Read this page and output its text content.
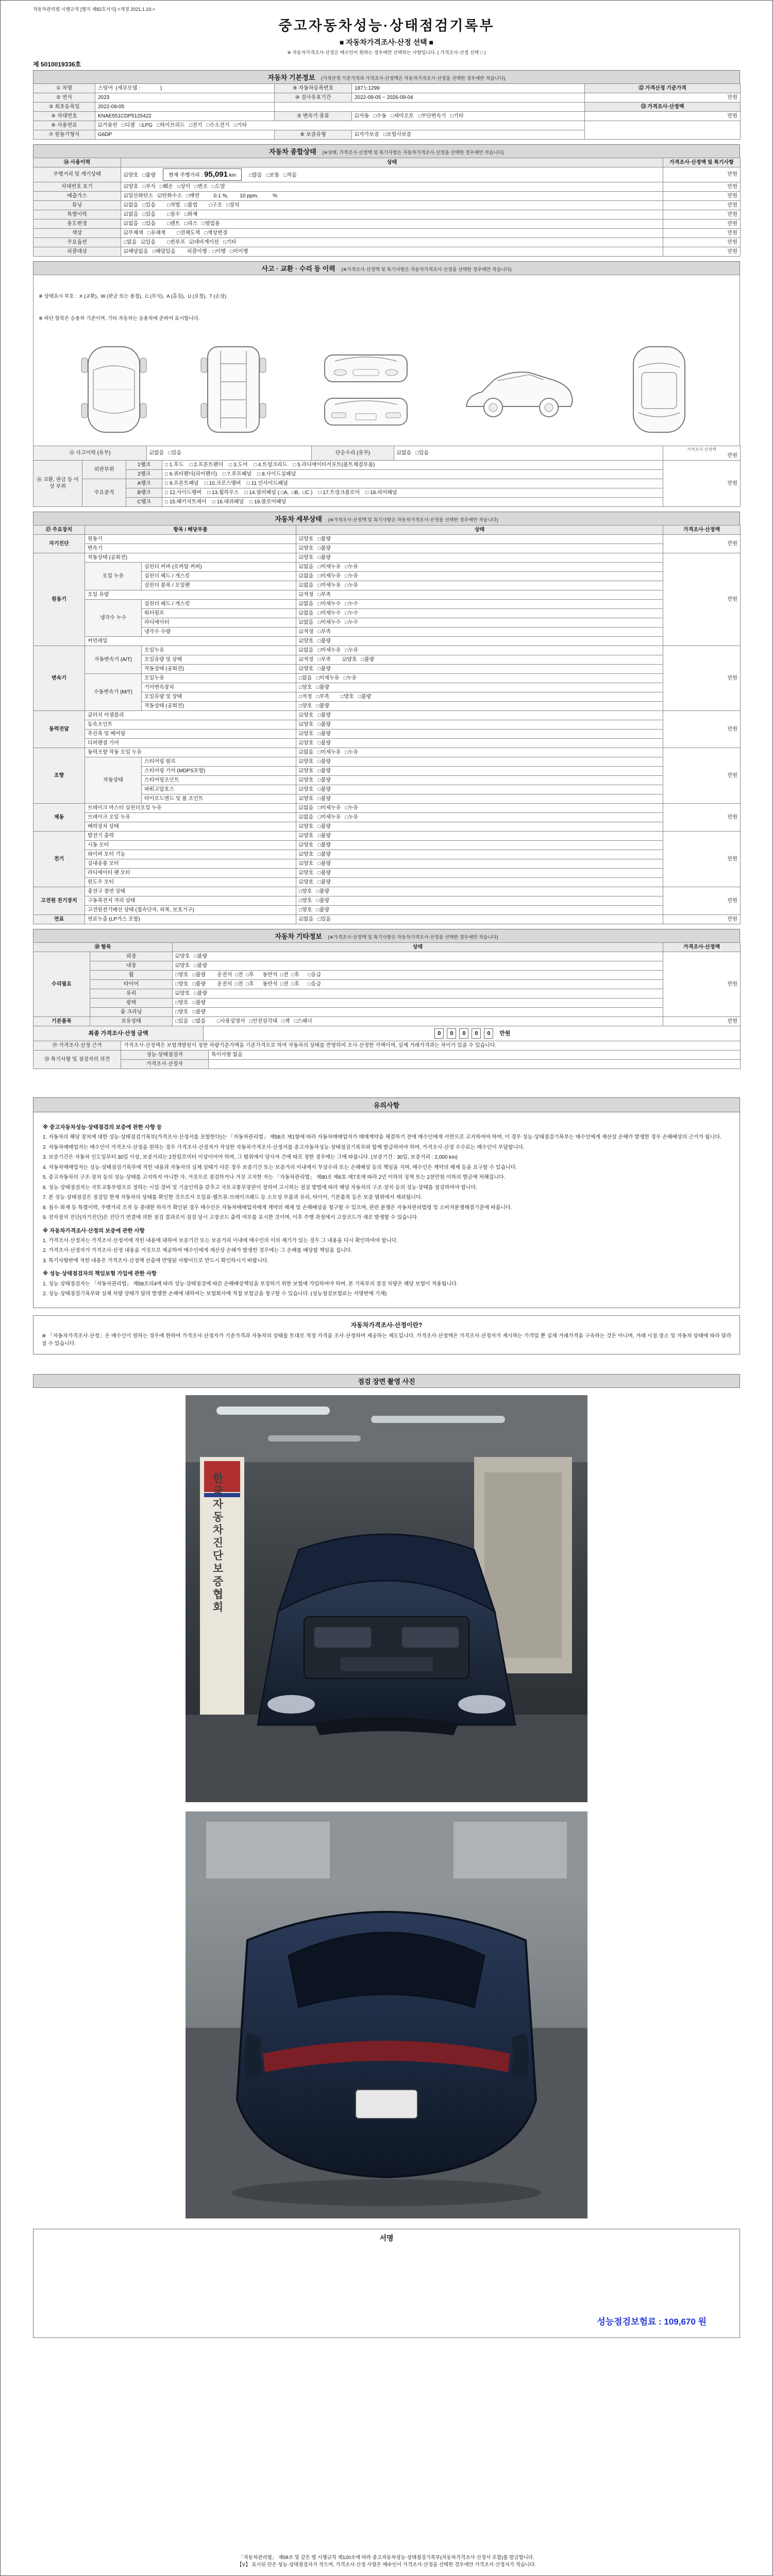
자동차관리법 시행규칙 [별지 제82호서식] <개정 2021.1.19.>
중고자동차성능·상태점검기록부
■ 자동차가격조사·산정 선택 ■
※ 자동차가격조사·산정은 매수인이 원하는 경우에만 선택하는 사항입니다. ( 가격조사·산정 선택 □ )
제 5010019336호
자동차 기본정보 (가격산정 기준가격과 가격조사·산정액은 자동차가격조사·산정을 선택한 경우에만 적습니다)
① 차명	스팅어  (세부모델 :              )	⑨ 자동차등록번호	187노1299	⑫ 가격산정 기준가격
② 연식	2023	⑩ 검사유효기간	2022-09-05 ~ 2026-09-04	만원
③ 최초등록일	2022-09-05			⑬ 가격조사·산정액
④ 차대번호	KNAE551CDP5125422	⑤ 변속기 종류	☑자동   □수동   □세미오토   □무단변속기   □기타	만원
⑥ 사용연료	☑가솔린   □디젤   □LPG   □하이브리드   □전기   □수소전기   □기타			
⑦ 원동기형식	G6DP	⑧ 보증유형	☑자가보증   □보험사보증	
자동차 종합상태 (※상태, 가격조사·산정액 및 특기사항은 자동차가격조사·산정을 선택한 경우에만 적습니다)
⑭ 사용이력	상태	가격조사·산정액 및 특기사항
주행거리 및 계기상태	☑양호   □불량 현재 주행거리 : 95,091 km □많음   □보통   □적음	만원
차대번호 표기	☑양호   □부식   □훼손   □상이   □변조   □도말	만원
배출가스	☑일산화탄소   ☑탄화수소   □매연          0.1 %,        10 ppm,          %	만원
튜닝	☑없음   □있음        □적법   □불법        □구조   □장치	만원
특별이력	☑없음   □있음        □침수   □화재	만원
용도변경	☑없음   □있음        □렌트   □리스   □영업용	만원
색상	☑무채색   □유채색        □전체도색   □색상변경	만원
주요옵션	□없음   ☑있음        □썬루프   ☑네비게이션   □기타	만원
리콜대상	☑해당없음   □해당있음        리콜이행 :  □이행   □미이행	만원
사고 · 교환 · 수리 등 이력 (※가격조사·산정액 및 특기사항은 자동차가격조사·산정을 선택한 경우에만 적습니다)

※ 상태표시 부호 :  X (교환),  W (판금 또는 용접),  C (부식),  A (흠집),  U (요철),  T (손상)

※ 하단 항목은 승용차 기준이며, 기타 자동차는 승용차에 준하여 표시합니다.

⑮ 사고이력 (유무)	☑없음   □있음	단순수리 (유무)	☑없음   □있음	
가격조사·산정액
만원
⑯ 교환, 판금 등 이상 부위	외판부위	1랭크	□ 1.후드    □ 2.프론트펜더    □ 3.도어    □ 4.트렁크리드    □ 5.라디에이터서포트(볼트체결부품)	만원
		2랭크	□ 6.쿼터펜더(리어펜더)    □ 7.루프패널    □ 8.사이드실패널	
	주요골격	A랭크	□ 9.프론트패널    □ 10.크로스멤버    □ 11.인사이드패널	
		B랭크	□ 12.사이드멤버    □ 13.휠하우스    □ 14.필러패널 ( □A,  □B,  □C )    □ 17.트렁크플로어    □ 18.리어패널	
		C랭크	□ 15.패키지트레이    □ 16.대쉬패널    □ 19.플로어패널	
자동차 세부상태 (※가격조사·산정액 및 특기사항은 자동차가격조사·산정을 선택한 경우에만 적습니다)
⑰ 주요장치	항목 / 해당부품		상태	가격조사·산정액
자기진단	원동기		☑양호   □불량	만원
	변속기		☑양호   □불량	
원동기	작동상태 (공회전)		☑양호   □불량	만원
	오일 누유	실린더 커버 (로커암 커버)	☑없음   □미세누유   □누유	
		실린더 헤드 / 개스킷	☑없음   □미세누유   □누유	
		실린더 블록 / 오일팬	☑없음   □미세누유   □누유	
	오일 유량		☑적정   □부족	
	냉각수 누수	실린더 헤드 / 개스킷	☑없음   □미세누수   □누수	
		워터펌프	☑없음   □미세누수   □누수	
		라디에이터	☑없음   □미세누수   □누수	
		냉각수 수량	☑적정   □부족	
	커먼레일		☑양호   □불량	
변속기	자동변속기 (A/T)	오일누유	☑없음   □미세누유   □누유	만원
		오일유량 및 상태	☑적정   □부족        ☑양호   □불량	
		작동상태 (공회전)	☑양호   □불량	
	수동변속기 (M/T)	오일누유	□없음   □미세누유   □누유	
		기어변속장치	□양호   □불량	
		오일유량 및 상태	□적정   □부족        □양호   □불량	
		작동상태 (공회전)	□양호   □불량	
동력전달	클러치 어셈블리		☑양호   □불량	만원
	등속조인트		☑양호   □불량	
	추진축 및 베어링		☑양호   □불량	
	디퍼렌셜 기어		☑양호   □불량	
조향	동력조향 작동 오일 누유		☑없음   □미세누유   □누유	만원
	작동상태	스티어링 펌프	☑양호   □불량	
		스티어링 기어 (MDPS포함)	☑양호   □불량	
		스티어링조인트	☑양호   □불량	
		파워고압호스	☑양호   □불량	
		타이로드엔드 및 볼 조인트	☑양호   □불량	
제동	브레이크 마스터 실린더오일 누유		☑없음   □미세누유   □누유	만원
	브레이크 오일 누유		☑없음   □미세누유   □누유	
	배력장치 상태		☑양호   □불량	
전기	발전기 출력		☑양호   □불량	만원
	시동 모터		☑양호   □불량	
	와이퍼 모터 기능		☑양호   □불량	
	실내송풍 모터		☑양호   □불량	
	라디에이터 팬 모터		☑양호   □불량	
	윈도우 모터		☑양호   □불량	
고전원 전기장치	충전구 절연 상태		□양호   □불량	만원
	구동축전지 격리 상태		□양호   □불량	
	고전원전기배선 상태 (접속단자, 피복, 보호기구)		□양호   □불량	
연료	연료누출 (LP가스 포함)		☑없음   □있음	만원
자동차 기타정보 (※가격조사·산정액 및 특기사항은 자동차가격조사·산정을 선택한 경우에만 적습니다)
⑱ 항목		상태	가격조사·산정액
수리필요	외장	☑양호   □불량	만원
	내장	☑양호   □불량	
	휠	□양호   □불량        운전석  □전  □후      동반석  □전  □후      □응급	
	타이어	□양호   □불량        운전석  □전  □후      동반석  □전  □후      □응급	
	유리	☑양호   □불량	
	광택	□양호   □불량	
	룸 크리닝	□양호   □불량	
기본품목	보유상태	□있음   □없음        □사용설명서   □안전삼각대   □잭   □스패너	만원
최종 가격조사·산정 금액	0 0 0 0 0 만원
⑲ 가격조사·산정 근거	가격조사·산정액은 보험개발원이 정한 차량기준가액을 기준가격으로 하여 자동차의 상태를 반영하여 조사·산정한 가액이며, 실제 거래가격과는 차이가 있을 수 있습니다.
⑳ 특기사항 및 점검자의 의견	성능·상태점검자	특이사항 없음
	가격조사·산정자	
유의사항
※ 중고자동차성능·상태점검의 보증에 관한 사항 등
1. 자동차의 해당 장치에 대한 성능·상태점검기록부(가격조사·산정서를 포함한다)는 「자동차관리법」 제58조 제1항에 따라 자동차매매업자가 매매계약을 체결하기 전에 매수인에게 서면으로 고지하여야 하며, 이 경우 성능·상태점검기록부는 매수인에게 재산상 손해가 발생한 경우 손해배상의 근거가 됩니다.
2. 자동차매매업자는 매수인이 가격조사·산정을 원하는 경우 가격조사·산정자가 작성한 자동차가격조사·산정서를 중고자동차성능·상태점검기록부와 함께 발급하여야 하며, 가격조사·산정 수수료는 매수인이 부담합니다.
3. 보증기간은 자동차 인도일부터 30일 이상, 보증거리는 2천킬로미터 이상이어야 하며, 그 범위에서 당사자 간에 따로 정한 경우에는 그에 따릅니다. (보증기간 : 30일, 보증거리 : 2,000 km)
4. 자동차매매업자는 성능·상태점검기록부에 적힌 내용과 자동차의 실제 상태가 다른 경우 보증기간 또는 보증거리 이내에서 무상수리 또는 손해배상 등의 책임을 지며, 매수인은 계약의 해제 등을 요구할 수 있습니다.
5. 중고자동차의 구조·장치 등의 성능·상태를 고지하지 아니한 자, 거짓으로 점검하거나 거짓 고지한 자는 「자동차관리법」 제80조 제6호·제7호에 따라 2년 이하의 징역 또는 2천만원 이하의 벌금에 처해집니다.
6. 성능·상태점검자는 국토교통부령으로 정하는 시설·장비 및 기술인력을 갖추고 국토교통부장관이 정하여 고시하는 점검 방법에 따라 해당 자동차의 구조·장치 등의 성능·상태를 점검하여야 합니다.
7. 본 성능·상태점검은 점검일 현재 자동차의 상태를 확인한 것으로서 오일류·벨트류·브레이크패드 등 소모성 부품과 유리, 타이어, 기본품목 등은 보증 범위에서 제외됩니다.
8. 침수·화재 등 특별이력, 주행거리 조작 등 중대한 하자가 확인된 경우 매수인은 자동차매매업자에게 계약의 해제 및 손해배상을 청구할 수 있으며, 관련 분쟁은 자동차관리법령 및 소비자분쟁해결기준에 따릅니다.
9. 전자장치 진단(자기진단)은 진단기 연결에 의한 점검 결과로서 점검 당시 고장코드 출력 여부를 표시한 것이며, 이후 주행 과정에서 고장코드가 새로 발생할 수 있습니다.
※ 자동차가격조사·산정의 보증에 관한 사항
1. 가격조사·산정자는 가격조사·산정서에 적힌 내용에 대하여 보증기간 또는 보증거리 이내에 매수인의 이의 제기가 있는 경우 그 내용을 다시 확인하여야 합니다.
2. 가격조사·산정자가 가격조사·산정 내용을 거짓으로 제공하여 매수인에게 재산상 손해가 발생한 경우에는 그 손해를 배상할 책임을 집니다.
3. 특기사항란에 적힌 내용은 가격조사·산정액 산출에 반영된 사항이므로 반드시 확인하시기 바랍니다.
※ 성능·상태점검자의 책임보험 가입에 관한 사항
1. 성능·상태점검자는 「자동차관리법」 제58조의4에 따라 성능·상태점검에 따른 손해배상책임을 보장하기 위한 보험에 가입하여야 하며, 본 기록부의 점검 차량은 해당 보험이 적용됩니다.
2. 성능·상태점검기록부와 실제 차량 상태가 달라 발생한 손해에 대하여는 보험회사에 직접 보험금을 청구할 수 있습니다. (성능점검보험료는 서명란에 기재)
자동차가격조사·산정이란?
※ 「자동차가격조사·산정」은 매수인이 원하는 경우에 한하여 가격조사·산정자가 기준가격과 자동차의 상태를 토대로 적정 가격을 조사·산정하여 제공하는 제도입니다. 가격조사·산정액은 가격조사·산정자가 제시하는 가격일 뿐 실제 거래가격을 구속하는 것은 아니며, 거래 시점·장소 및 자동차 상태에 따라 달라질 수 있습니다.
점검 장면 촬영 사진
한국자동차진단보증협회
서명
성능점검보험료 : 109,670 원
「자동차관리법」 제58조 및 같은 법 시행규칙 제120조에 따라 중고자동차성능·상태점검기록부(자동차가격조사·산정서 포함)를 발급합니다.
【Ⅴ】 표시된 란은 성능·상태점검자가 적으며, 가격조사·산정 사항은 매수인이 가격조사·산정을 선택한 경우에만 가격조사·산정자가 적습니다.
